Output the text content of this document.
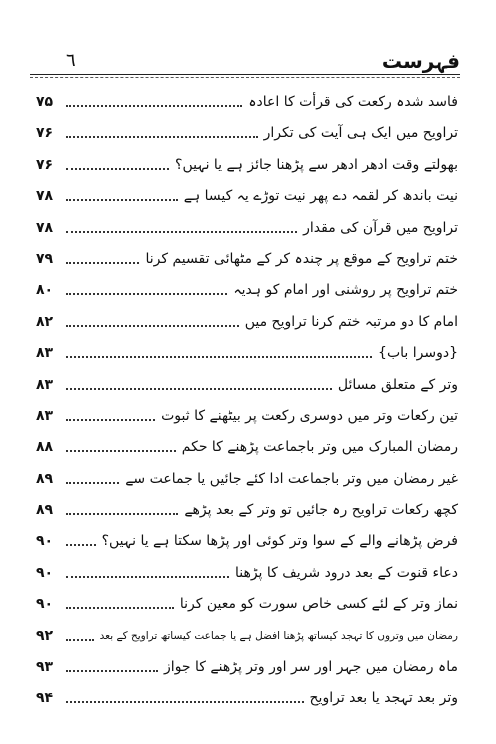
٦	فہرست
فاسد شدہ رکعت کی قرأت کا اعادہ
۷۵
تراویح میں ایک ہی آیت کی تکرار
۷۶
بھولتے وقت ادھر ادھر سے پڑھنا جائز ہے یا نہیں؟
۷۶
نیت باندھ کر لقمہ دے پھر نیت توڑے یہ کیسا ہے
۷۸
تراویح میں قرآن کی مقدار
۷۸
ختم تراویح کے موقع پر چندہ کر کے مٹھائی تقسیم کرنا
۷۹
ختم تراویح پر روشنی اور امام کو ہدیہ
۸۰
امام کا دو مرتبہ ختم کرنا تراویح میں
۸۲
{دوسرا باب}
۸۳
وتر کے متعلق مسائل
۸۳
تین رکعات وتر میں دوسری رکعت پر بیٹھنے کا ثبوت
۸۳
رمضان المبارک میں وتر باجماعت پڑھنے کا حکم
۸۸
غیر رمضان میں وتر باجماعت ادا کئے جائیں یا جماعت سے
۸۹
کچھ رکعات تراویح رہ جائیں تو وتر کے بعد پڑھے
۸۹
فرض پڑھانے والے کے سوا وتر کوئی اور پڑھا سکتا ہے یا نہیں؟
۹۰
دعاء قنوت کے بعد درود شریف کا پڑھنا
۹۰
نماز وتر کے لئے کسی خاص سورت کو معین کرنا
۹۰
رمضان میں وتروں کا تہجد کیساتھ پڑھنا افضل ہے یا جماعت کیساتھ تراویح کے بعد
۹۲
ماہ رمضان میں جہر اور سر اور وتر پڑھنے کا جواز
۹۳
وتر بعد تہجد یا بعد تراویح
۹۴
